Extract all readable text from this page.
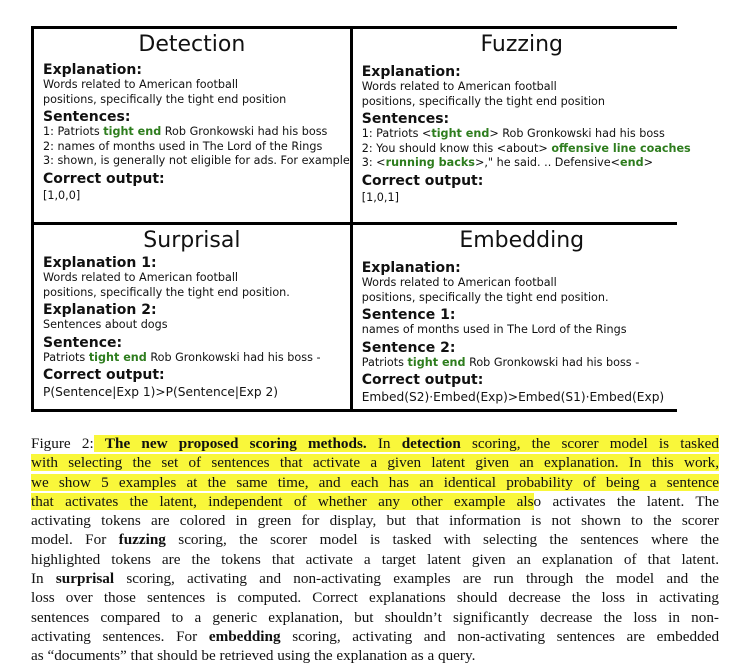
Detection
Explanation:
Words related to American football
positions, specifically the tight end position
Sentences:
1: Patriots tight end Rob Gronkowski had his boss
2: names of months used in The Lord of the Rings
3: shown, is generally not eligible for ads. For example
Correct output:
[1,0,0]
Fuzzing
Explanation:
Words related to American football
positions, specifically the tight end position
Sentences:
1: Patriots <tight end> Rob Gronkowski had his boss
2: You should know this <about> offensive line coaches
3: <running backs>," he said. .. Defensive<end>
Correct output:
[1,0,1]
Surprisal
Explanation 1:
Words related to American football
positions, specifically the tight end position.
Explanation 2:
Sentences about dogs
Sentence:
Patriots tight end Rob Gronkowski had his boss -
Correct output:
P(Sentence|Exp 1)>P(Sentence|Exp 2)
Embedding
Explanation:
Words related to American football
positions, specifically the tight end position.
Sentence 1:
names of months used in The Lord of the Rings
Sentence 2:
Patriots tight end Rob Gronkowski had his boss -
Correct output:
Embed(S2)·Embed(Exp)>Embed(S1)·Embed(Exp)
Figure 2: The new proposed scoring methods. In detection scoring, the scorer model is tasked
with selecting the set of sentences that activate a given latent given an explanation. In this work,
we show 5 examples at the same time, and each has an identical probability of being a sentence
that activates the latent, independent of whether any other example also activates the latent. The
activating tokens are colored in green for display, but that information is not shown to the scorer
model. For fuzzing scoring, the scorer model is tasked with selecting the sentences where the
highlighted tokens are the tokens that activate a target latent given an explanation of that latent.
In surprisal scoring, activating and non-activating examples are run through the model and the
loss over those sentences is computed. Correct explanations should decrease the loss in activating
sentences compared to a generic explanation, but shouldn’t significantly decrease the loss in non-
activating sentences. For embedding scoring, activating and non-activating sentences are embedded
as “documents” that should be retrieved using the explanation as a query.
